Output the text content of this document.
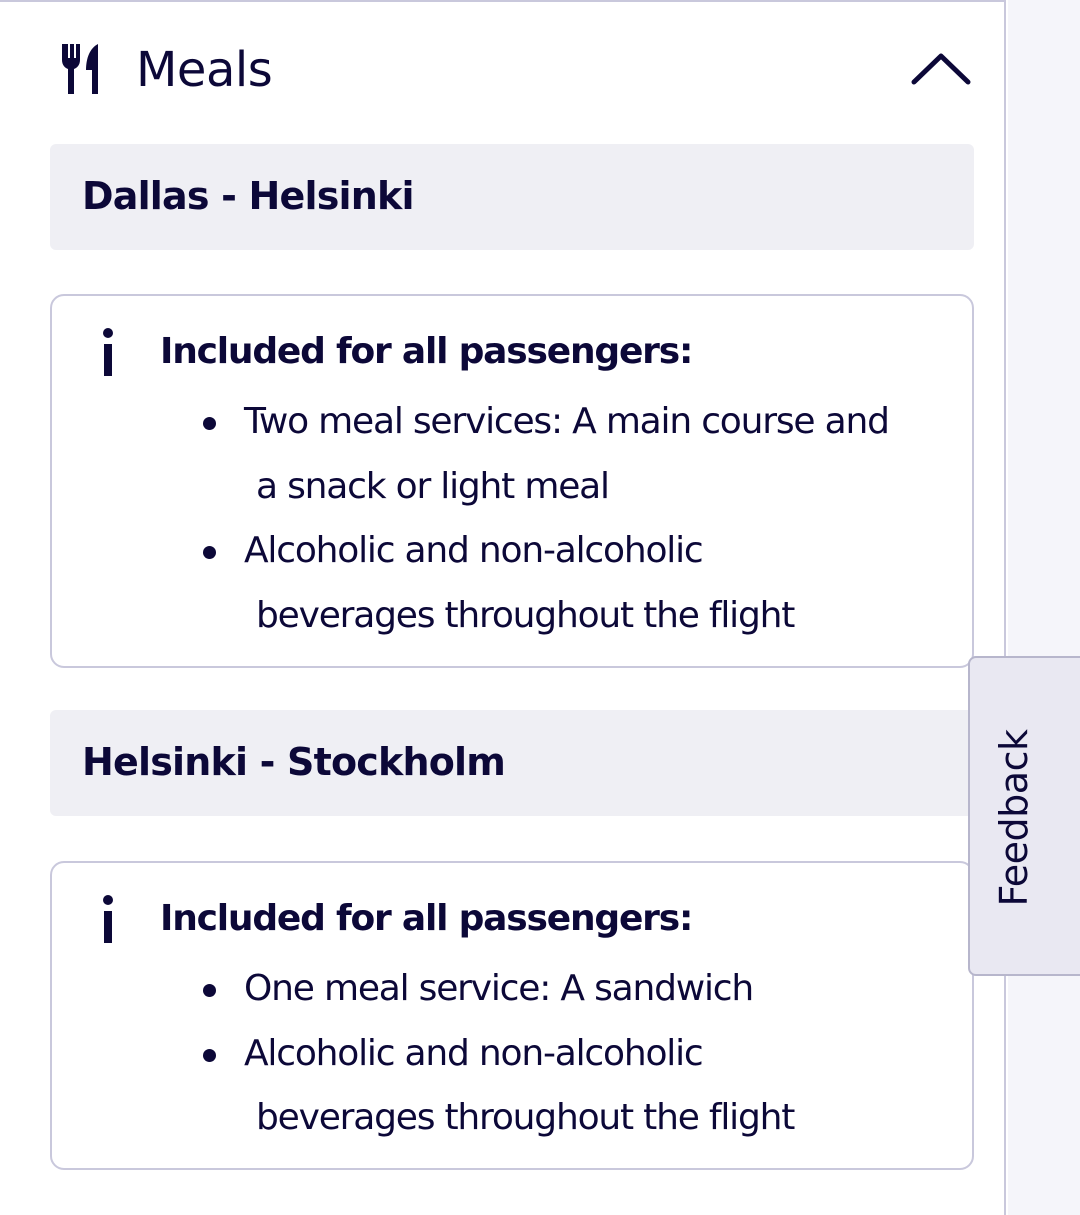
Meals
Dallas - Helsinki
Included for all passengers:
Two meal services: A main course and
a snack or light meal
Alcoholic and non-alcoholic
beverages throughout the flight
Helsinki - Stockholm
Included for all passengers:
One meal service: A sandwich
Alcoholic and non-alcoholic
beverages throughout the flight
Feedback
